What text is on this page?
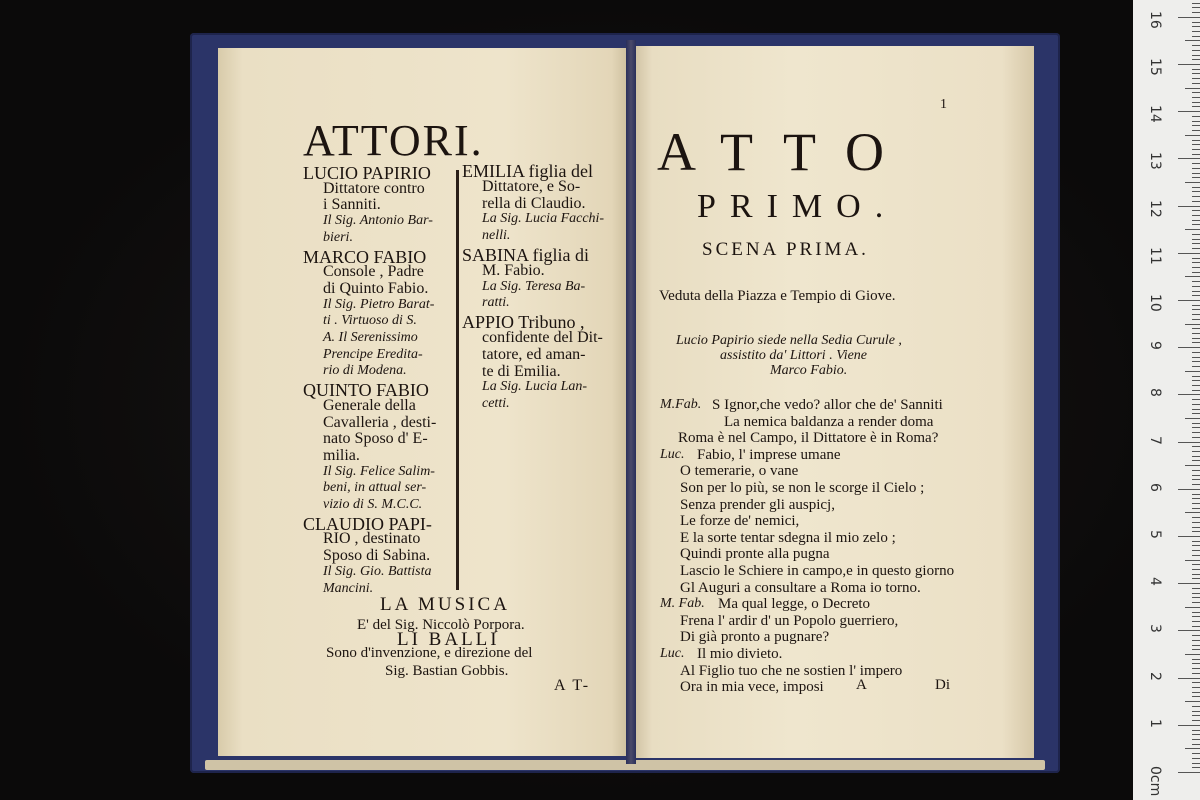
ATTORI.
LUCIO PAPIRIO
Dittatore contro
i Sanniti.
Il Sig. Antonio Bar-
bieri.
MARCO FABIO
Console , Padre
di Quinto Fabio.
Il Sig. Pietro Barat-
ti . Virtuoso di S.
A. Il Serenissimo
Prencipe Eredita-
rio di Modena.
QUINTO FABIO
Generale della
Cavalleria , desti-
nato Sposo d' E-
milia.
Il Sig. Felice Salim-
beni, in attual ser-
vizio di S. M.C.C.
CLAUDIO PAPI-
RIO , destinato
Sposo di Sabina.
Il Sig. Gio. Battista
Mancini.
EMILIA figlia del
Dittatore, e So-
rella di Claudio.
La Sig. Lucia Facchi-
nelli.
SABINA figlia di
M. Fabio.
La Sig. Teresa Ba-
ratti.
APPIO Tribuno ,
confidente del Dit-
tatore, ed aman-
te di Emilia.
La Sig. Lucia Lan-
cetti.
LA MUSICA
E' del Sig. Niccolò Porpora.
LI BALLI
Sono d'invenzione, e direzione del
Sig. Bastian Gobbis.
A T-
1
ATTO
PRIMO.
SCENA PRIMA.
Veduta della Piazza e Tempio di Giove.
Lucio Papirio siede nella Sedia Curule ,
assistito da' Littori . Viene
Marco Fabio.
M.Fab. S Ignor,che vedo? allor che de' Sanniti
La nemica baldanza a render doma
Roma è nel Campo, il Dittatore è in Roma?
Luc. Fabio, l' imprese umane
O temerarie, o vane
Son per lo più, se non le scorge il Cielo ;
Senza prender gli auspicj,
Le forze de' nemici,
E la sorte tentar sdegna il mio zelo ;
Quindi pronte alla pugna
Lascio le Schiere in campo,e in questo giorno
Gl Auguri a consultare a Roma io torno.
M. Fab. Ma qual legge, o Decreto
Frena l' ardir d' un Popolo guerriero,
Di già pronto a pugnare?
Luc. Il mio divieto.
Al Figlio tuo che ne sostien l' impero
Ora in mia vece, imposi A	Di
16
15
14
13
12
11
10
9
8
7
6
5
4
3
2
1
0cm
